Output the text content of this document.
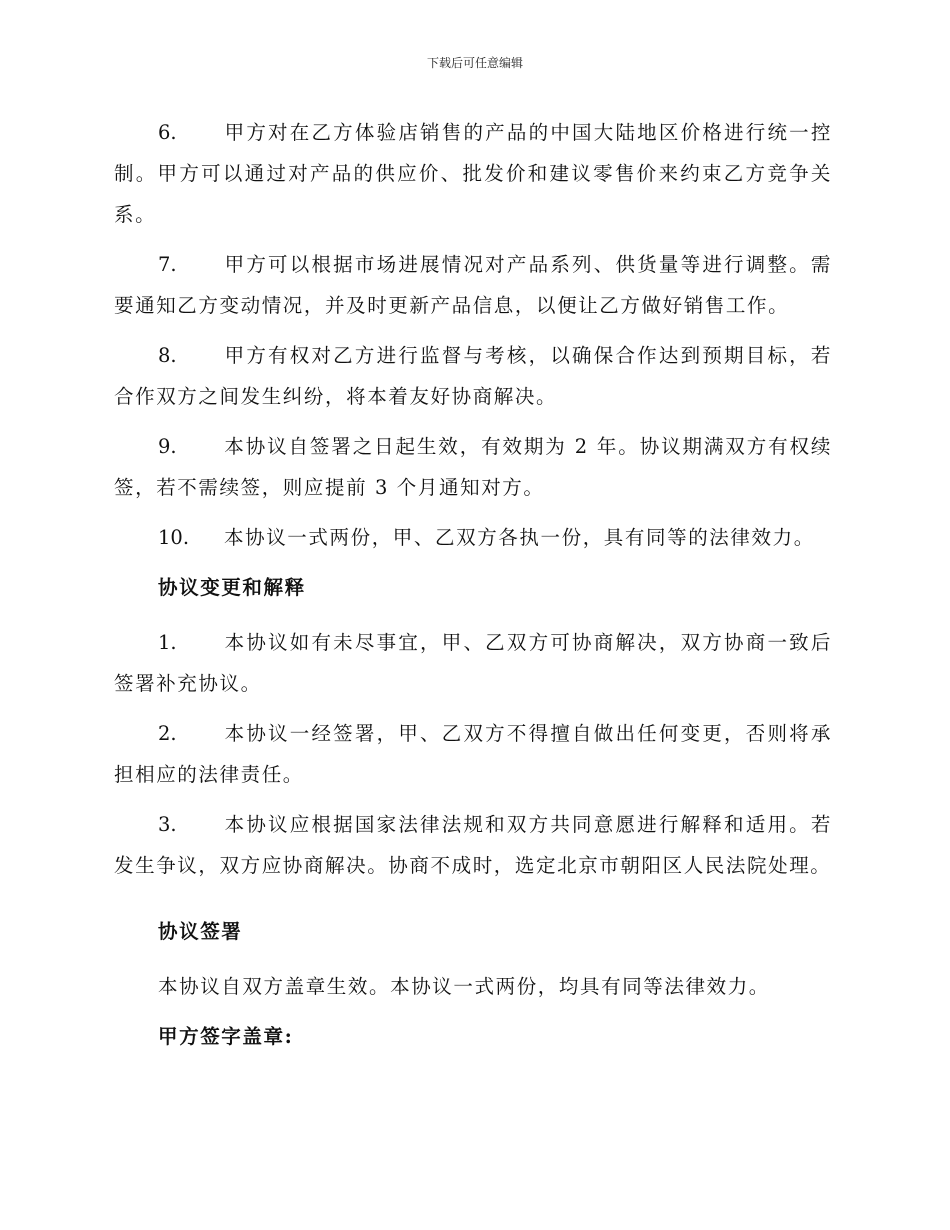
下载后可任意编辑

6. 甲方对在乙方体验店销售的产品的中国大陆地区价格进行统一控制。甲方可以通过对产品的供应价、批发价和建议零售价来约束乙方竞争关系。

7. 甲方可以根据市场进展情况对产品系列、供货量等进行调整。需要通知乙方变动情况，并及时更新产品信息，以便让乙方做好销售工作。

8. 甲方有权对乙方进行监督与考核，以确保合作达到预期目标，若合作双方之间发生纠纷，将本着友好协商解决。

9. 本协议自签署之日起生效，有效期为 2 年。协议期满双方有权续签，若不需续签，则应提前 3 个月通知对方。

10. 本协议一式两份，甲、乙双方各执一份，具有同等的法律效力。

协议变更和解释

1. 本协议如有未尽事宜，甲、乙双方可协商解决，双方协商一致后签署补充协议。

2. 本协议一经签署，甲、乙双方不得擅自做出任何变更，否则将承担相应的法律责任。

3. 本协议应根据国家法律法规和双方共同意愿进行解释和适用。若发生争议，双方应协商解决。协商不成时，选定北京市朝阳区人民法院处理。

协议签署

本协议自双方盖章生效。本协议一式两份，均具有同等法律效力。

甲方签字盖章:
